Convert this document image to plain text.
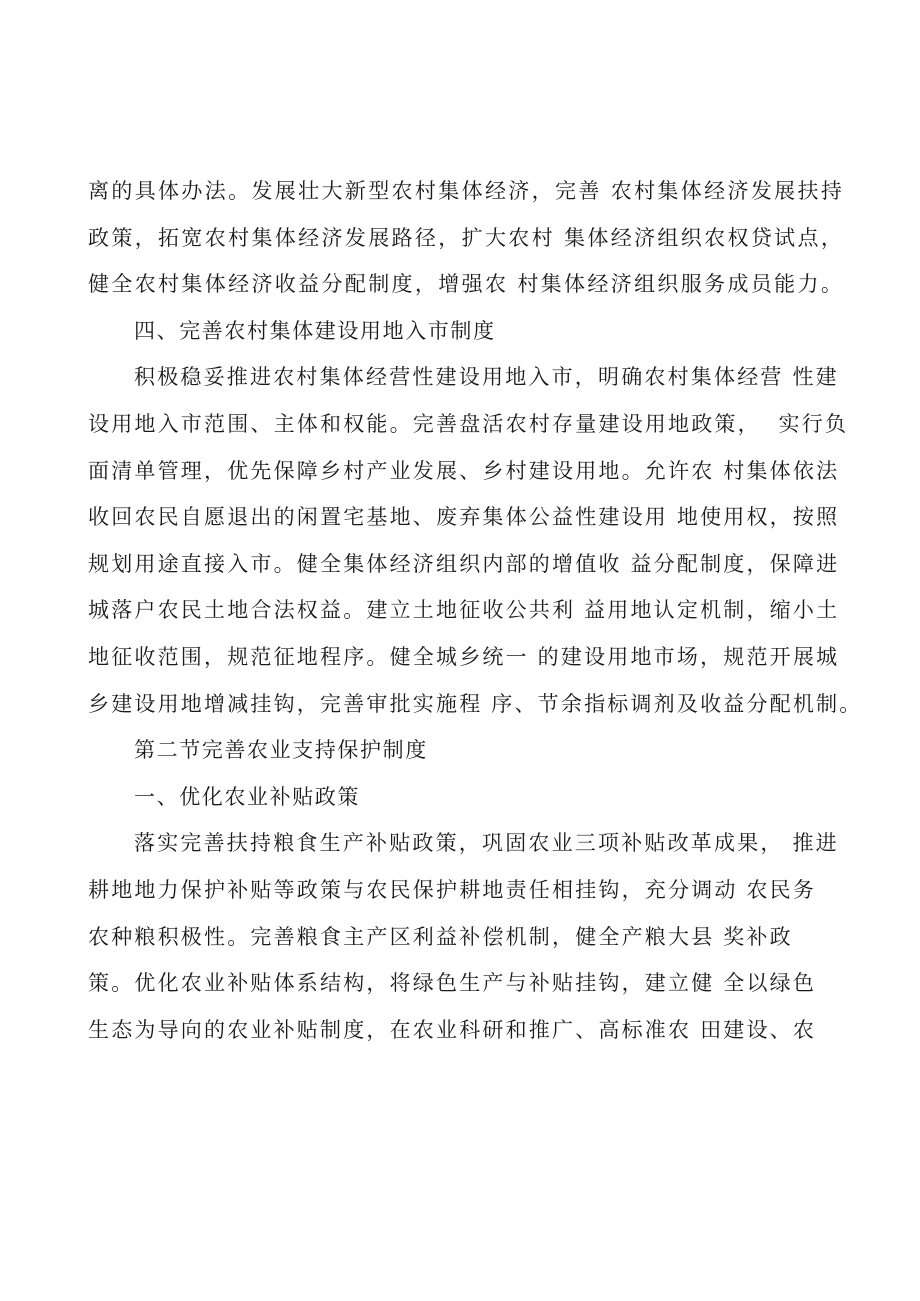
离的具体办法。发展壮大新型农村集体经济，完善 农村集体经济发展扶持
政策，拓宽农村集体经济发展路径，扩大农村 集体经济组织农权贷试点，
健全农村集体经济收益分配制度，增强农 村集体经济组织服务成员能力。
四、完善农村集体建设用地入市制度
积极稳妥推进农村集体经营性建设用地入市，明确农村集体经营 性建
设用地入市范围、主体和权能。完善盘活农村存量建设用地政策，  实行负
面清单管理，优先保障乡村产业发展、乡村建设用地。允许农 村集体依法
收回农民自愿退出的闲置宅基地、废弃集体公益性建设用 地使用权，按照
规划用途直接入市。健全集体经济组织内部的增值收 益分配制度，保障进
城落户农民土地合法权益。建立土地征收公共利 益用地认定机制，缩小土
地征收范围，规范征地程序。健全城乡统一 的建设用地市场，规范开展城
乡建设用地增减挂钩，完善审批实施程 序、节余指标调剂及收益分配机制。
第二节完善农业支持保护制度
一、优化农业补贴政策
落实完善扶持粮食生产补贴政策，巩固农业三项补贴改革成果， 推进
耕地地力保护补贴等政策与农民保护耕地责任相挂钩，充分调动 农民务
农种粮积极性。完善粮食主产区利益补偿机制，健全产粮大县 奖补政
策。优化农业补贴体系结构，将绿色生产与补贴挂钩，建立健 全以绿色
生态为导向的农业补贴制度，在农业科研和推广、高标准农 田建设、农
